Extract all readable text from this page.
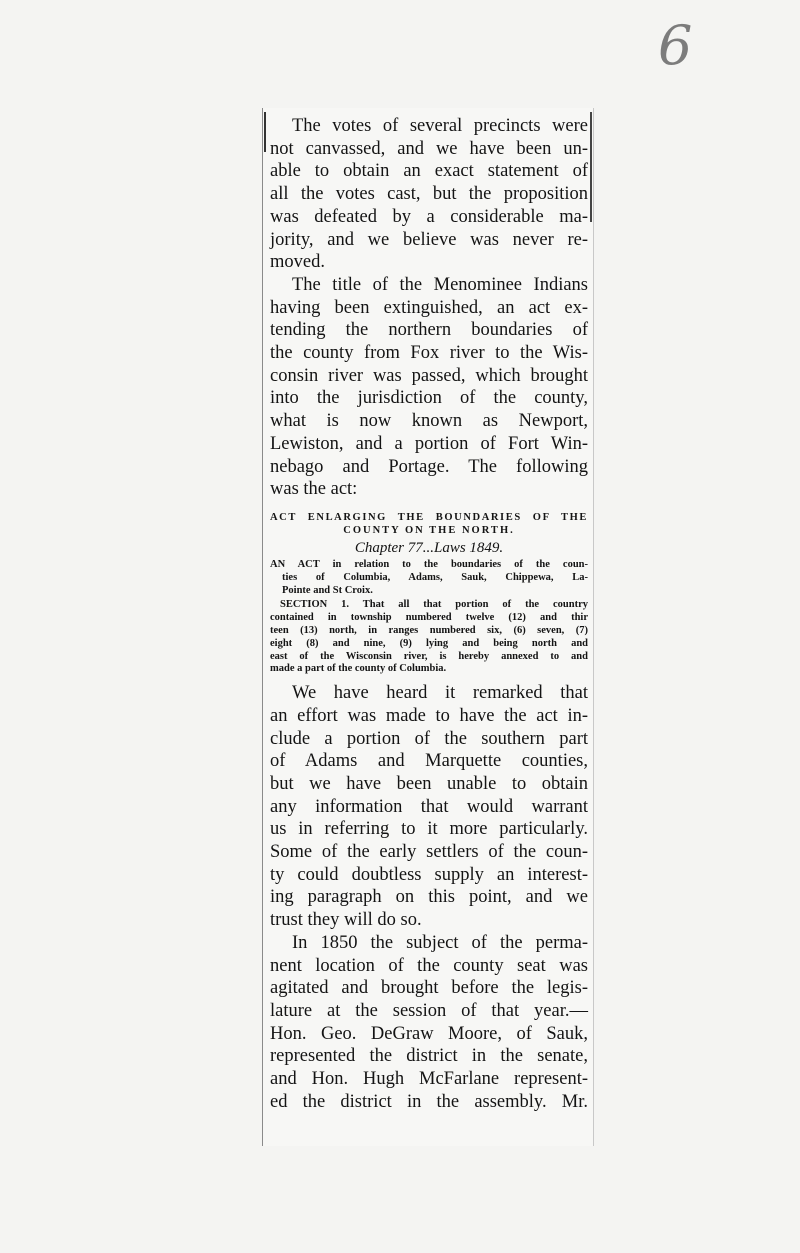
6

The votes of several precincts were
not canvassed, and we have been un-
able to obtain an exact statement of
all the votes cast, but the proposition
was defeated by a considerable ma-
jority, and we believe was never re-
moved.

The title of the Menominee Indians
having been extinguished, an act ex-
tending the northern boundaries of
the county from Fox river to the Wis-
consin river was passed, which brought
into the jurisdiction of the county,
what is now known as Newport,
Lewiston, and a portion of Fort Win-
nebago and Portage. The following
was the act:

ACT ENLARGING THE BOUNDARIES OF THE
COUNTY ON THE NORTH.
Chapter 77...Laws 1849.

AN ACT in relation to the boundaries of the coun-
ties of Columbia, Adams, Sauk, Chippewa, La-
Pointe and St Croix.

SECTION 1. That all that portion of the country
contained in township numbered twelve (12) and thir
teen (13) north, in ranges numbered six, (6) seven, (7)
eight (8) and nine, (9) lying and being north and
east of the Wisconsin river, is hereby annexed to and
made a part of the county of Columbia.

We have heard it remarked that
an effort was made to have the act in-
clude a portion of the southern part
of Adams and Marquette counties,
but we have been unable to obtain
any information that would warrant
us in referring to it more particularly.
Some of the early settlers of the coun-
ty could doubtless supply an interest-
ing paragraph on this point, and we
trust they will do so.

In 1850 the subject of the perma-
nent location of the county seat was
agitated and brought before the legis-
lature at the session of that year.—
Hon. Geo. DeGraw Moore, of Sauk,
represented the district in the senate,
and Hon. Hugh McFarlane represent-
ed the district in the assembly. Mr.
